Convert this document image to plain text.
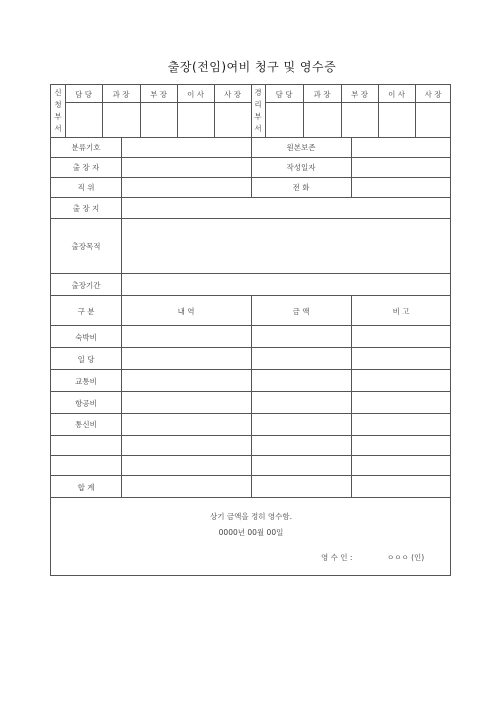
출장(전임)여비 청구 및 영수증
신
청
부
서
경
리
부
서
담 당	과 장	부 장	이 사	사 장	담 당	과 장	부 장	이 사	사 장
분류기호	원본보존
출 장 자	작성일자
직 위	전 화
출 장 지
출장목적
출장기간
구 분	내 역	금 액	비 고
숙박비
일 당
교통비
항공비
통신비
합 계
상기 금액을 정히 영수함.
0000년 00월 00일
영 수 인 :	ㅇㅇㅇ (인)
